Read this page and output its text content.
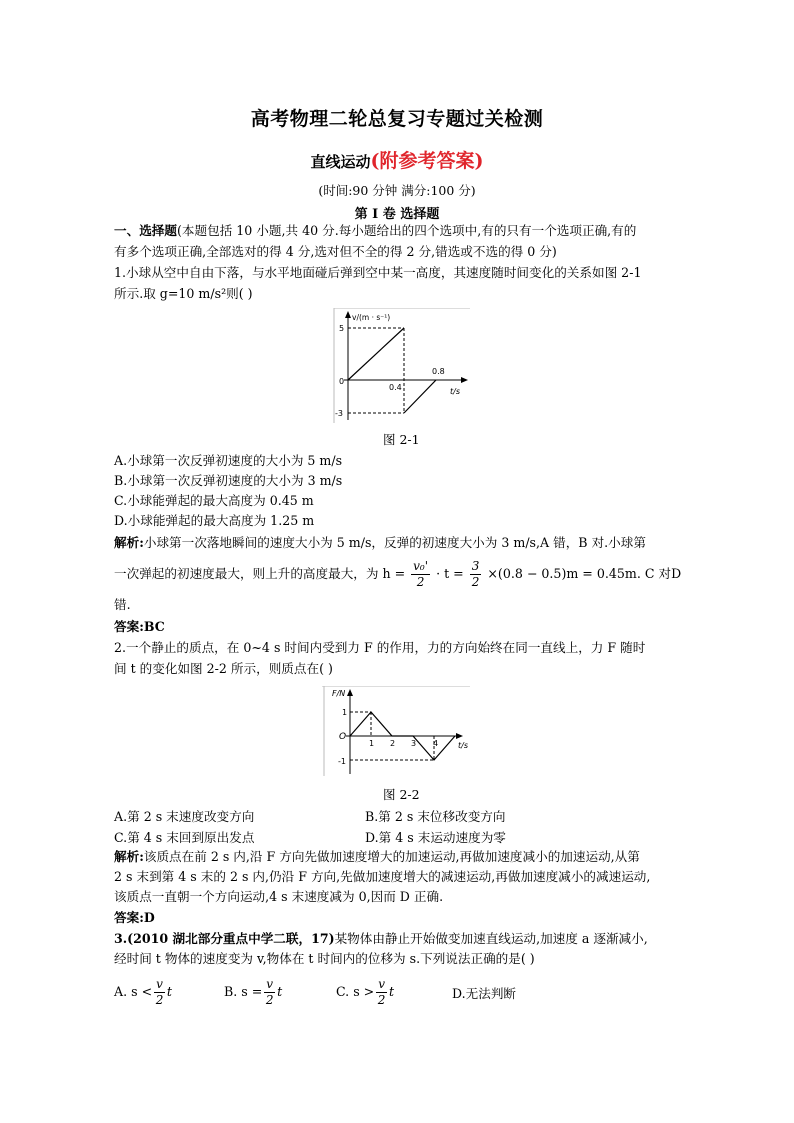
高考物理二轮总复习专题过关检测
直线运动(附参考答案)
(时间:90 分钟 满分:100 分)
第 I 卷 选择题
一、选择题(本题包括 10 小题,共 40 分.每小题给出的四个选项中,有的只有一个选项正确,有的
有多个选项正确,全部选对的得 4 分,选对但不全的得 2 分,错选或不选的得 0 分)
1.小球从空中自由下落，与水平地面碰后弹到空中某一高度，其速度随时间变化的关系如图 2-1
所示.取 g=10 m/s²则( )
v/(m · s⁻¹)
t/s
5
-3
0
0.4
0.8
图 2-1
A.小球第一次反弹初速度的大小为 5 m/s
B.小球第一次反弹初速度的大小为 3 m/s
C.小球能弹起的最大高度为 0.45 m
D.小球能弹起的最大高度为 1.25 m
解析:小球第一次落地瞬间的速度大小为 5 m/s，反弹的初速度大小为 3 m/s,A 错，B 对.小球第
一次弹起的初速度最大，则上升的高度最大，为 $h = \frac{\text{v₀'}}{2} \cdot t = \frac{3}{2} \times(0.8 - 0.5)m = 0.45m$. C 对D
错.
答案:BC
2.一个静止的质点，在 0~4 s 时间内受到力 F 的作用，力的方向始终在同一直线上，力 F 随时
间 t 的变化如图 2-2 所示，则质点在( )
F/N
t/s
1
-1
O
1 2 3 4
图 2-2
A.第 2 s 末速度改变方向	B.第 2 s 末位移改变方向
C.第 4 s 末回到原出发点	D.第 4 s 末运动速度为零
解析:该质点在前 2 s 内,沿 F 方向先做加速度增大的加速运动,再做加速度减小的加速运动,从第
2 s 末到第 4 s 末的 2 s 内,仍沿 F 方向,先做加速度增大的减速运动,再做加速度减小的减速运动,
该质点一直朝一个方向运动,4 s 末速度减为 0,因而 D 正确.
答案:D
3.(2010 湖北部分重点中学二联，17)某物体由静止开始做变加速直线运动,加速度 a 逐渐减小,
经时间 t 物体的速度变为 v,物体在 t 时间内的位移为 s.下列说法正确的是( )
A. $s < \frac{v}{2}$ t	B. $s = \frac{v}{2}$ t	C. $s > \frac{v}{2}$ t	D.无法判断
